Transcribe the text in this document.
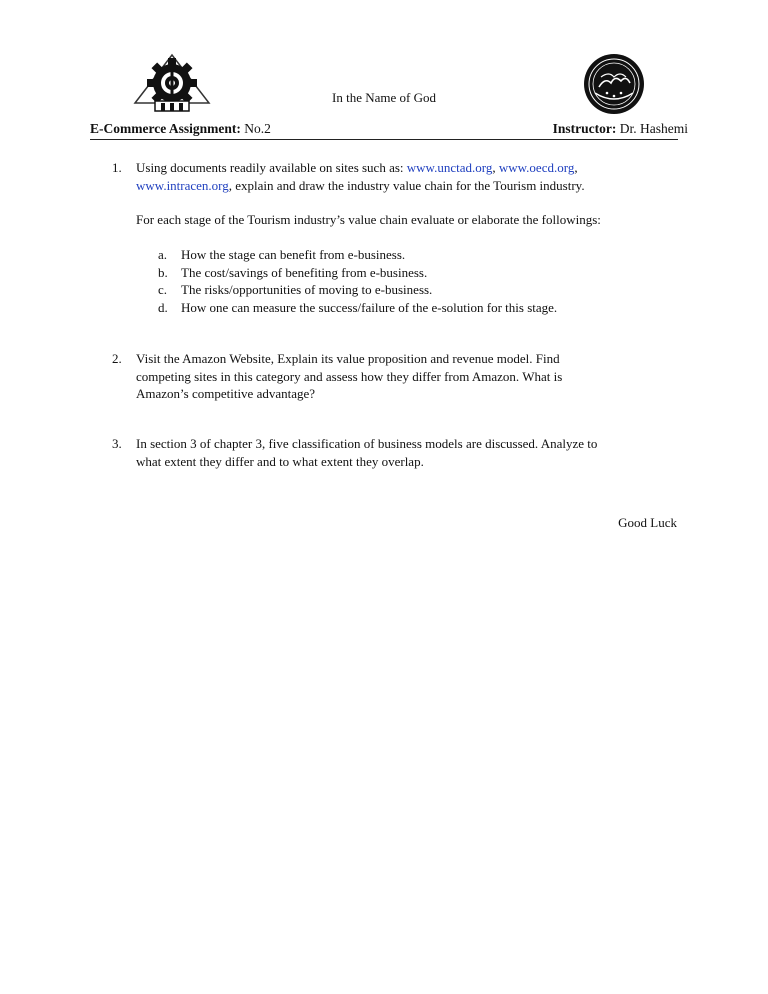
In the Name of God
E-Commerce Assignment: No.2	Instructor: Dr. Hashemi
1. Using documents readily available on sites such as: www.unctad.org, www.oecd.org,
www.intracen.org, explain and draw the industry value chain for the Tourism industry.
For each stage of the Tourism industry’s value chain evaluate or elaborate the followings:
a. How the stage can benefit from e-business.
b. The cost/savings of benefiting from e-business.
c. The risks/opportunities of moving to e-business.
d. How one can measure the success/failure of the e-solution for this stage.
2. Visit the Amazon Website, Explain its value proposition and revenue model. Find
competing sites in this category and assess how they differ from Amazon. What is
Amazon’s competitive advantage?
3. In section 3 of chapter 3, five classification of business models are discussed. Analyze to
what extent they differ and to what extent they overlap.
Good Luck
